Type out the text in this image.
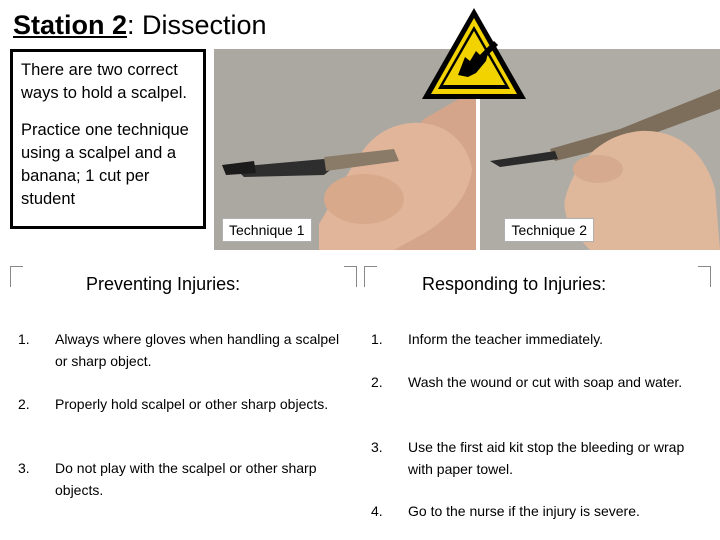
Station 2: Dissection

There are two correct ways to hold a scalpel.

Practice one technique using a scalpel and a banana; 1 cut per student

Technique 1	Technique 2
Preventing Injuries:	Responding to Injuries:
1. Always where gloves when handling a scalpel or sharp object.
2. Properly hold scalpel or other sharp objects.
3. Do not play with the scalpel or other sharp objects.
1. Inform the teacher immediately.
2. Wash the wound or cut with soap and water.
3. Use the first aid kit stop the bleeding or wrap with paper towel.
4. Go to the nurse if the injury is severe.
